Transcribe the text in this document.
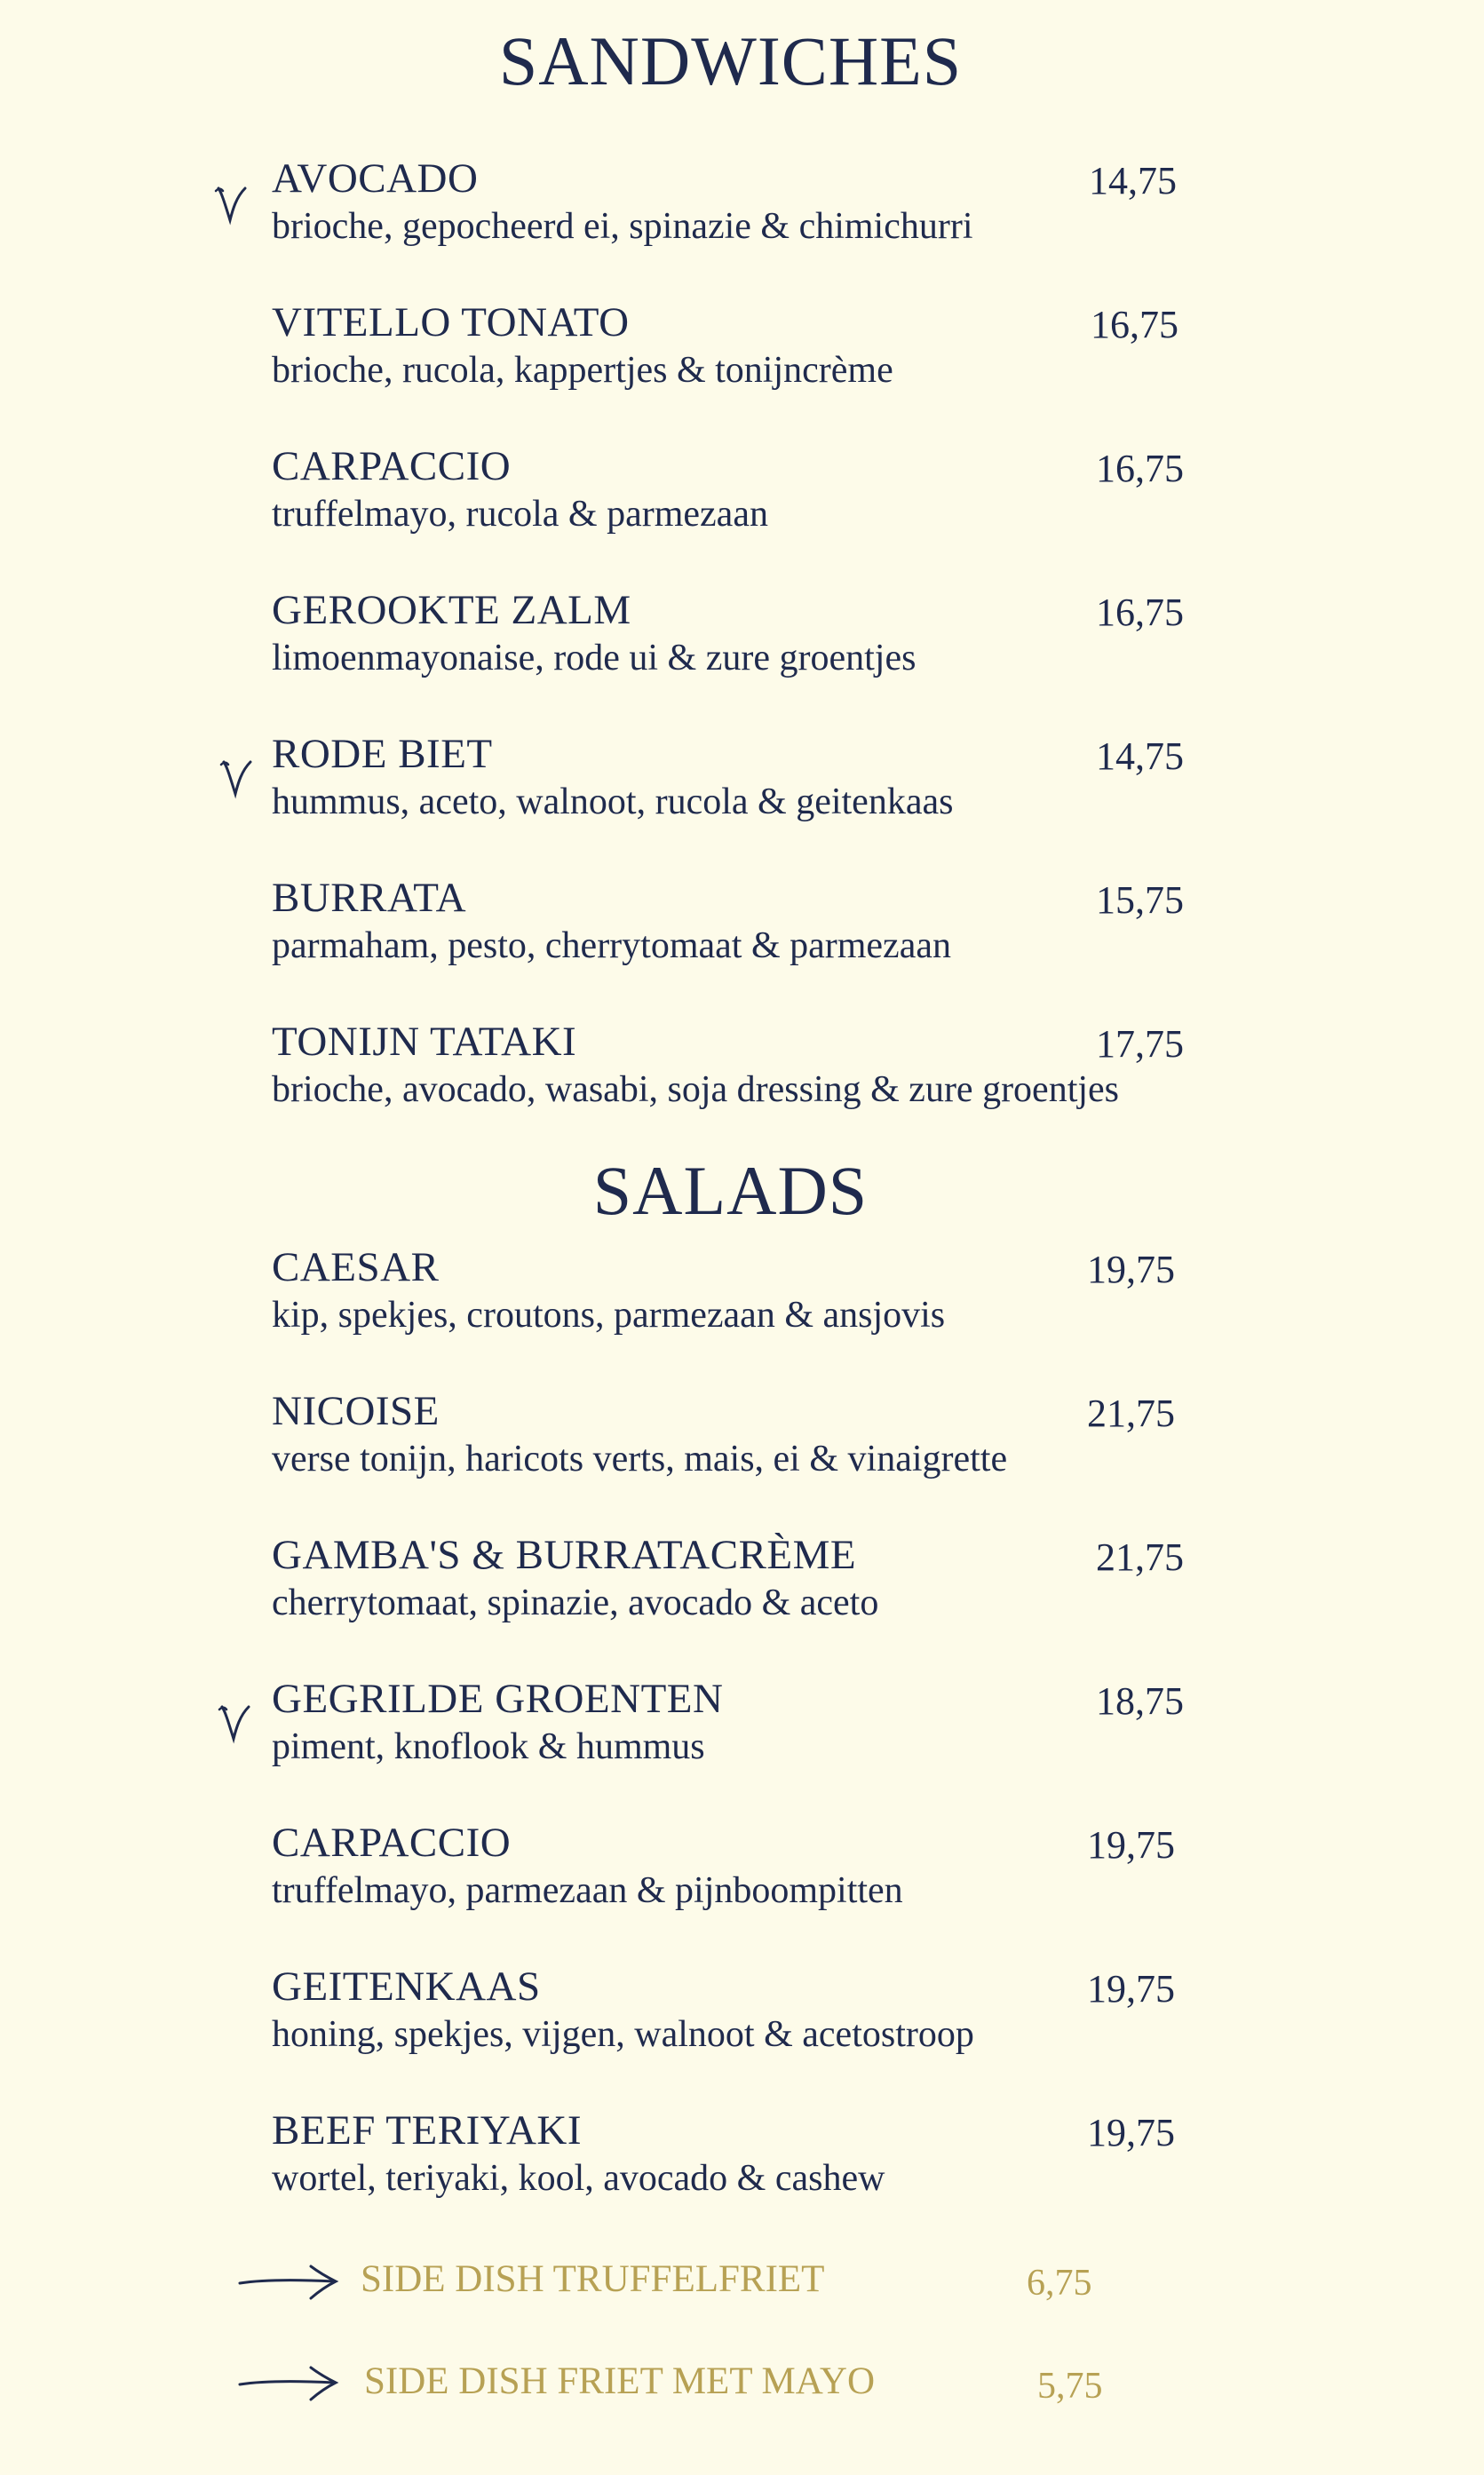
SANDWICHES
AVOCADO
brioche, gepocheerd ei, spinazie & chimichurri
14,75
VITELLO TONATO
brioche, rucola, kappertjes & tonijncrème
16,75
CARPACCIO
truffelmayo, rucola & parmezaan
16,75
GEROOKTE ZALM
limoenmayonaise, rode ui & zure groentjes
16,75
RODE BIET
hummus, aceto, walnoot, rucola & geitenkaas
14,75
BURRATA
parmaham, pesto, cherrytomaat & parmezaan
15,75
TONIJN TATAKI
brioche, avocado, wasabi, soja dressing & zure groentjes
17,75
SALADS
CAESAR
kip, spekjes, croutons, parmezaan & ansjovis
19,75
NICOISE
verse tonijn, haricots verts, mais, ei & vinaigrette
21,75
GAMBA'S & BURRATACRÈME
cherrytomaat, spinazie, avocado & aceto
21,75
GEGRILDE GROENTEN
piment, knoflook & hummus
18,75
CARPACCIO
truffelmayo, parmezaan & pijnboompitten
19,75
GEITENKAAS
honing, spekjes, vijgen, walnoot & acetostroop
19,75
BEEF TERIYAKI
wortel, teriyaki, kool, avocado & cashew
19,75
SIDE DISH TRUFFELFRIET	6,75
SIDE DISH FRIET MET MAYO	5,75
